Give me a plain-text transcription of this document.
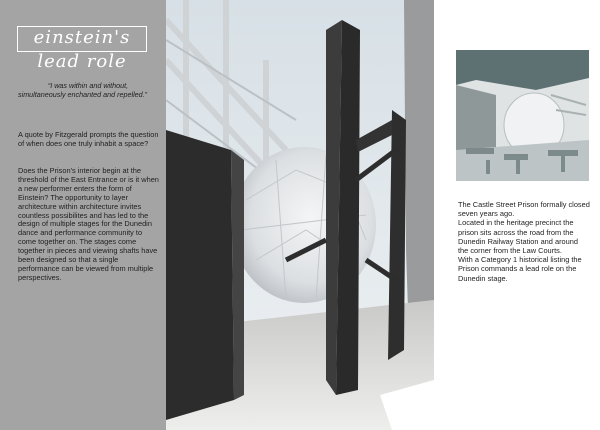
einstein's
lead role
“I was within and without,
simultaneously enchanted and repelled.”
A quote by Fitzgerald prompts the question of when does one truly inhabit a space?
Does the Prison's interior begin at the threshold of the East Entrance or is it when a new performer enters the form of Einstein? The opportunity to layer architecture within architecture invites countless possibilites and has led to the design of multiple stages for the Dunedin dance and performance community to come together on. The stages come together in pieces and viewing shafts have been designed so that a single performance can be viewed from multiple perspectives.
The Castle Street Prison formally closed seven years ago.
Located in the heritage precinct the prison sits across the road from the Dunedin Railway Station and around the corner from the Law Courts.
With a Category 1 historical listing the Prison commands a lead role on the Dunedin stage.
